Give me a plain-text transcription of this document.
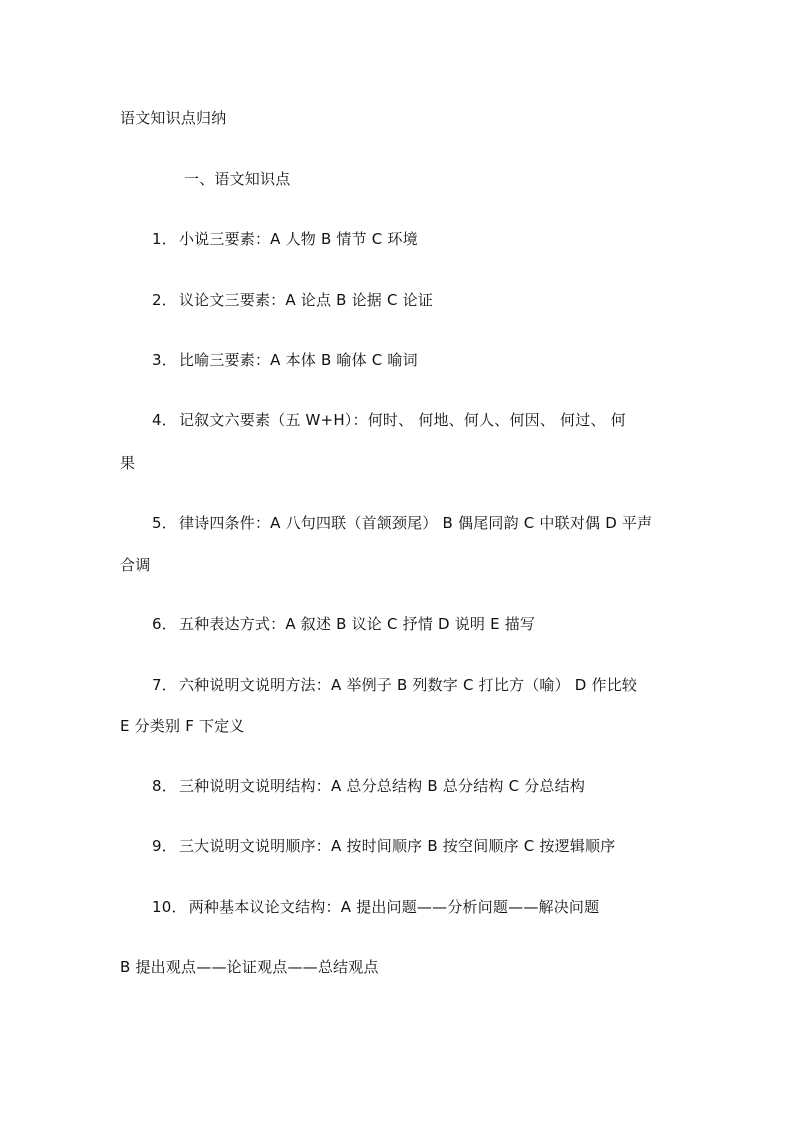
语文知识点归纳
一、语文知识点
1． 小说三要素：A 人物 B 情节 C 环境
2． 议论文三要素：A 论点 B 论据 C 论证
3． 比喻三要素：A 本体 B 喻体 C 喻词
4． 记叙文六要素（五 W+H）：何时、 何地、何人、何因、 何过、 何
果
5． 律诗四条件：A 八句四联（首颔颈尾） B 偶尾同韵 C 中联对偶 D 平声
合调
6． 五种表达方式：A 叙述 B 议论 C 抒情 D 说明 E 描写
7． 六种说明文说明方法：A 举例子 B 列数字 C 打比方（喻） D 作比较
E 分类别 F 下定义
8． 三种说明文说明结构：A 总分总结构 B 总分结构 C 分总结构
9． 三大说明文说明顺序：A 按时间顺序 B 按空间顺序 C 按逻辑顺序
10． 两种基本议论文结构：A 提出问题——分析问题——解决问题
B 提出观点——论证观点——总结观点
